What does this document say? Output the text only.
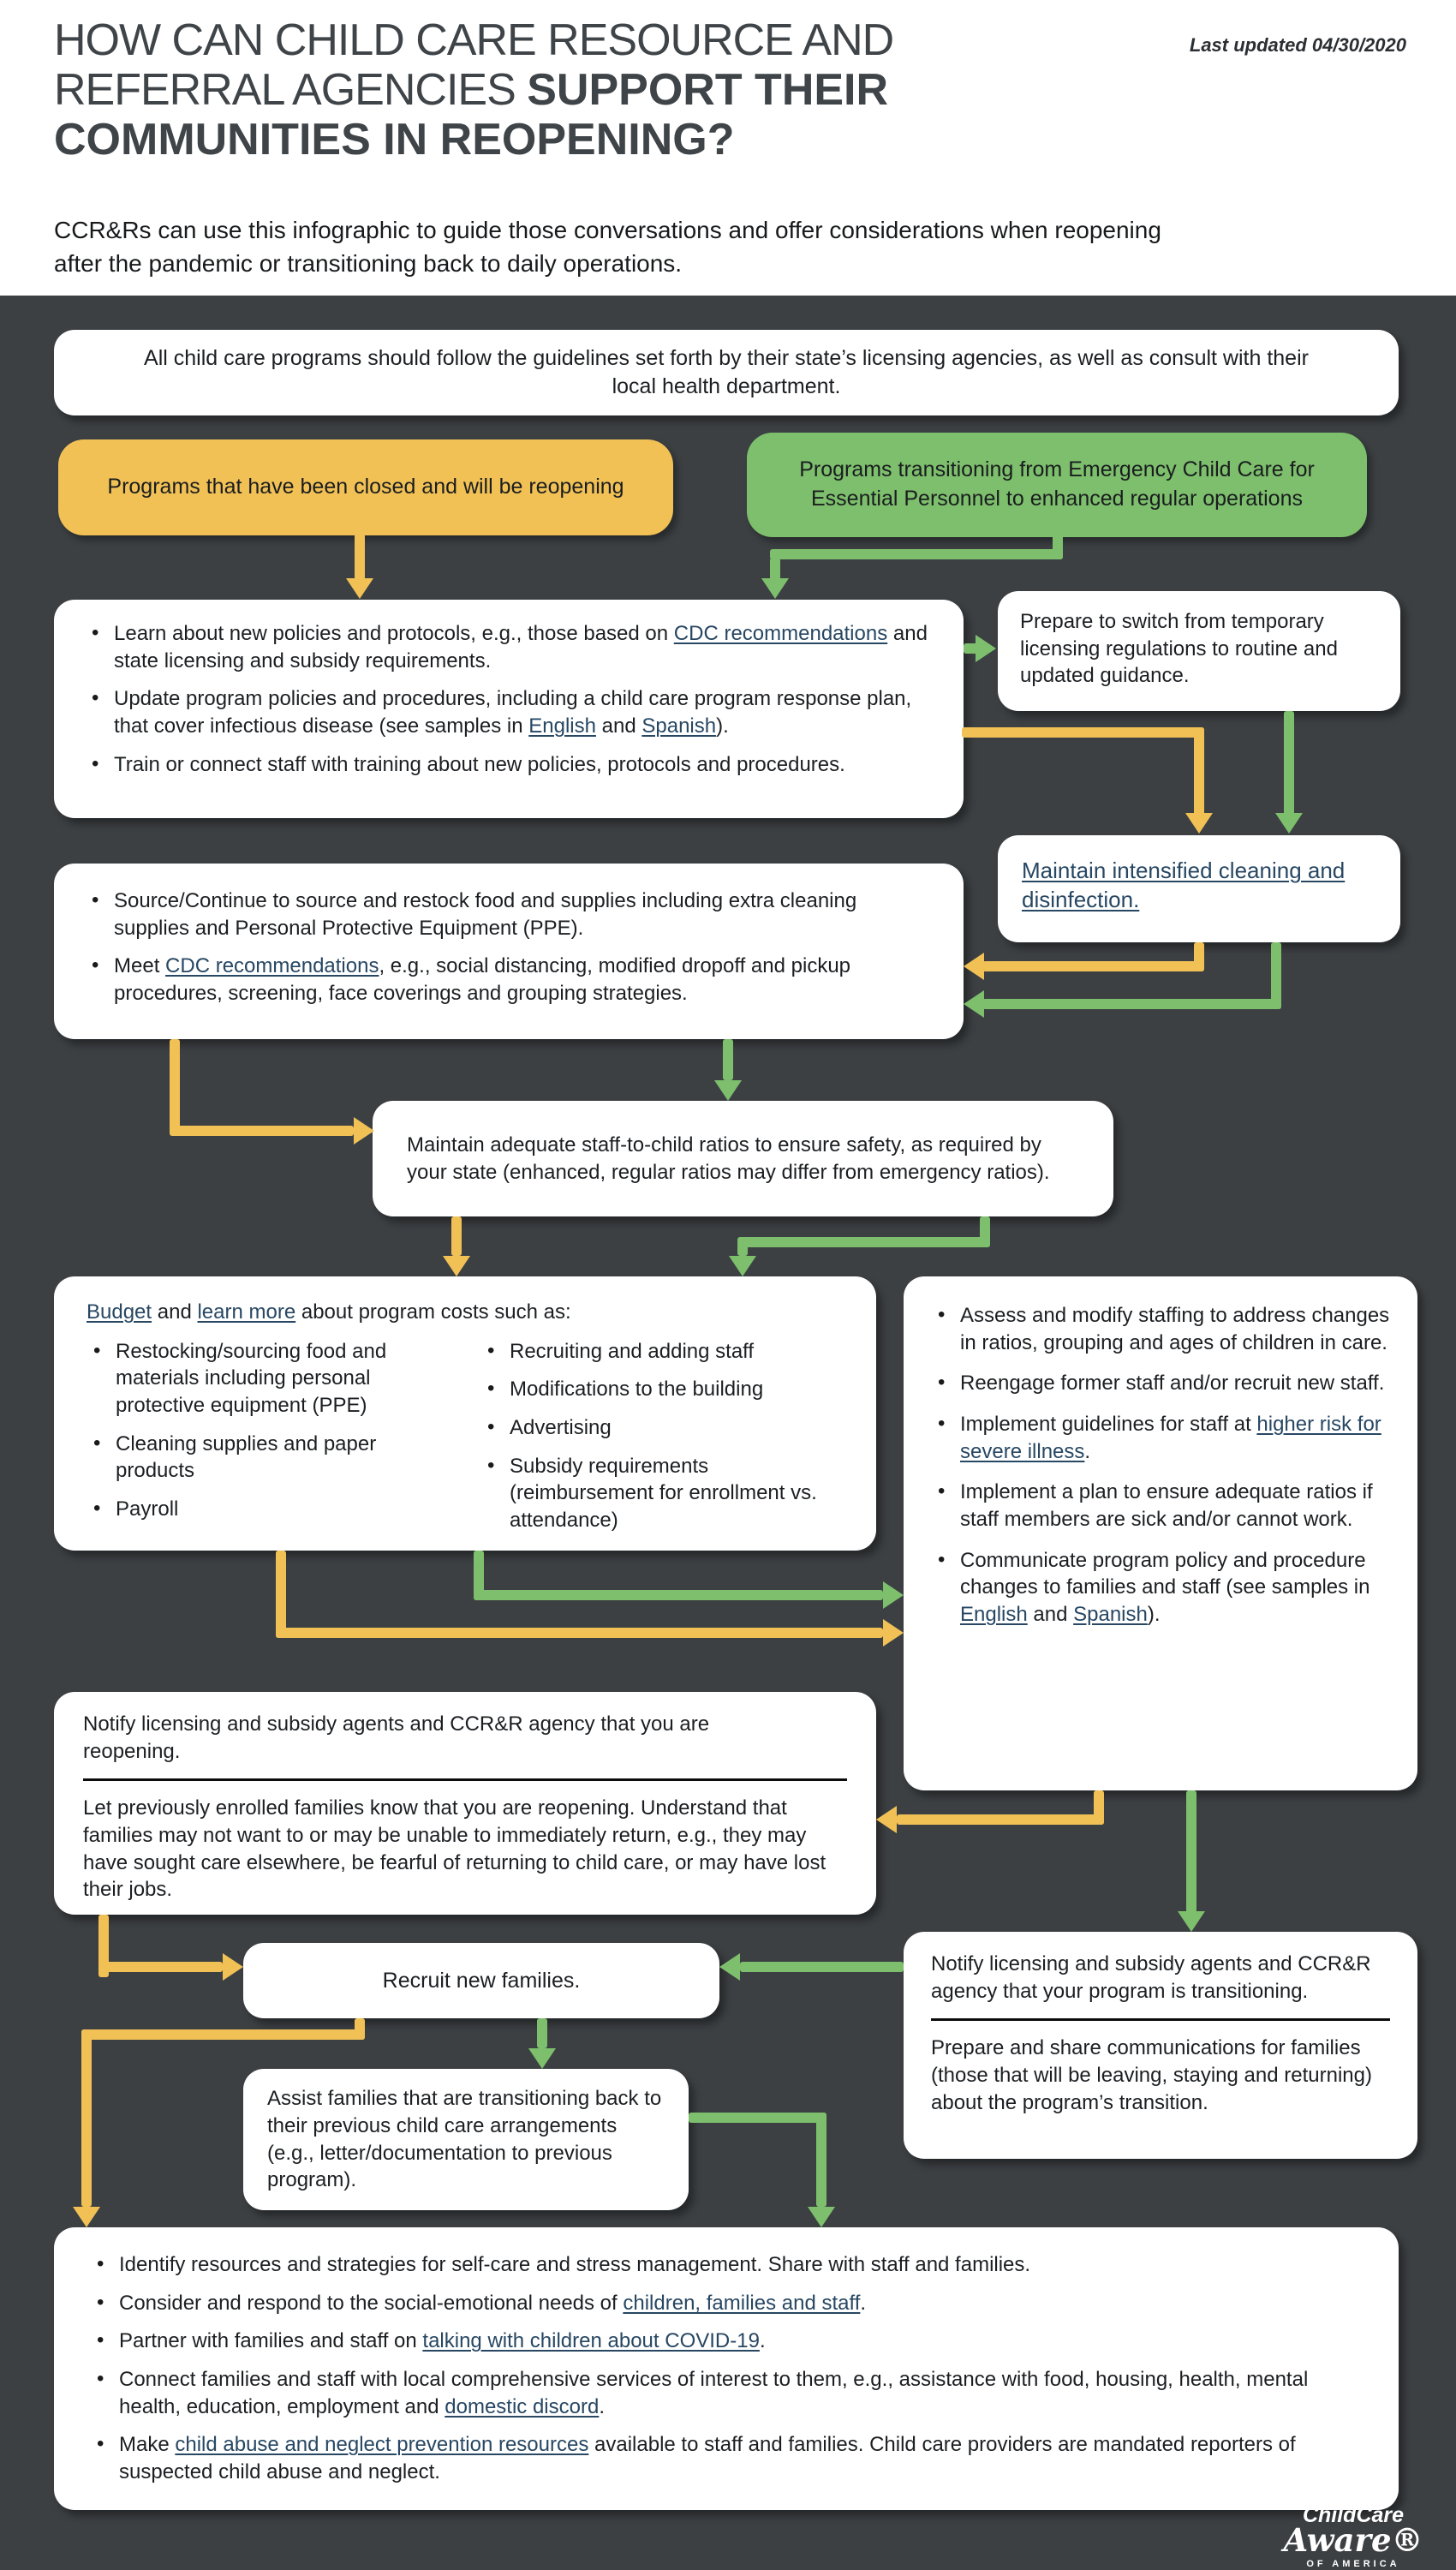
HOW CAN CHILD CARE RESOURCE AND
REFERRAL AGENCIES SUPPORT THEIR
COMMUNITIES IN REOPENING?
Last updated 04/30/2020

CCR&Rs can use this infographic to guide those conversations and offer considerations when reopening after the pandemic or transitioning back to daily operations.

All child care programs should follow the guidelines set forth by their state’s licensing agencies, as well as consult with their local health department.
Programs that have been closed and will be reopening
Programs transitioning from Emergency Child Care for Essential Personnel to enhanced regular operations
• Learn about new policies and protocols, e.g., those based on CDC recommendations and state licensing and subsidy requirements.
• Update program policies and procedures, including a child care program response plan, that cover infectious disease (see samples in English and Spanish).
• Train or connect staff with training about new policies, protocols and procedures.
Prepare to switch from temporary licensing regulations to routine and updated guidance.
Maintain intensified cleaning and disinfection.
• Source/Continue to source and restock food and supplies including extra cleaning supplies and Personal Protective Equipment (PPE).
• Meet CDC recommendations, e.g., social distancing, modified dropoff and pickup procedures, screening, face coverings and grouping strategies.
Maintain adequate staff-to-child ratios to ensure safety, as required by your state (enhanced, regular ratios may differ from emergency ratios).
Budget and learn more about program costs such as:
• Restocking/sourcing food and materials including personal protective equipment (PPE)
• Cleaning supplies and paper products
• Payroll
• Recruiting and adding staff
• Modifications to the building
• Advertising
• Subsidy requirements (reimbursement for enrollment vs. attendance)
• Assess and modify staffing to address changes in ratios, grouping and ages of children in care.
• Reengage former staff and/or recruit new staff.
• Implement guidelines for staff at higher risk for severe illness.
• Implement a plan to ensure adequate ratios if staff members are sick and/or cannot work.
• Communicate program policy and procedure changes to families and staff (see samples in English and Spanish).
Notify licensing and subsidy agents and CCR&R agency that you are reopening.
Let previously enrolled families know that you are reopening. Understand that families may not want to or may be unable to immediately return, e.g., they may have sought care elsewhere, be fearful of returning to child care, or may have lost their jobs.
Recruit new families.
Notify licensing and subsidy agents and CCR&R agency that your program is transitioning.
Prepare and share communications for families (those that will be leaving, staying and returning) about the program’s transition.
Assist families that are transitioning back to their previous child care arrangements (e.g., letter/documentation to previous program).
• Identify resources and strategies for self-care and stress management. Share with staff and families.
• Consider and respond to the social-emotional needs of children, families and staff.
• Partner with families and staff on talking with children about COVID-19.
• Connect families and staff with local comprehensive services of interest to them, e.g., assistance with food, housing, health, mental health, education, employment and domestic discord.
• Make child abuse and neglect prevention resources available to staff and families. Child care providers are mandated reporters of suspected child abuse and neglect.
ChildCare
Aware®
OF AMERICA
